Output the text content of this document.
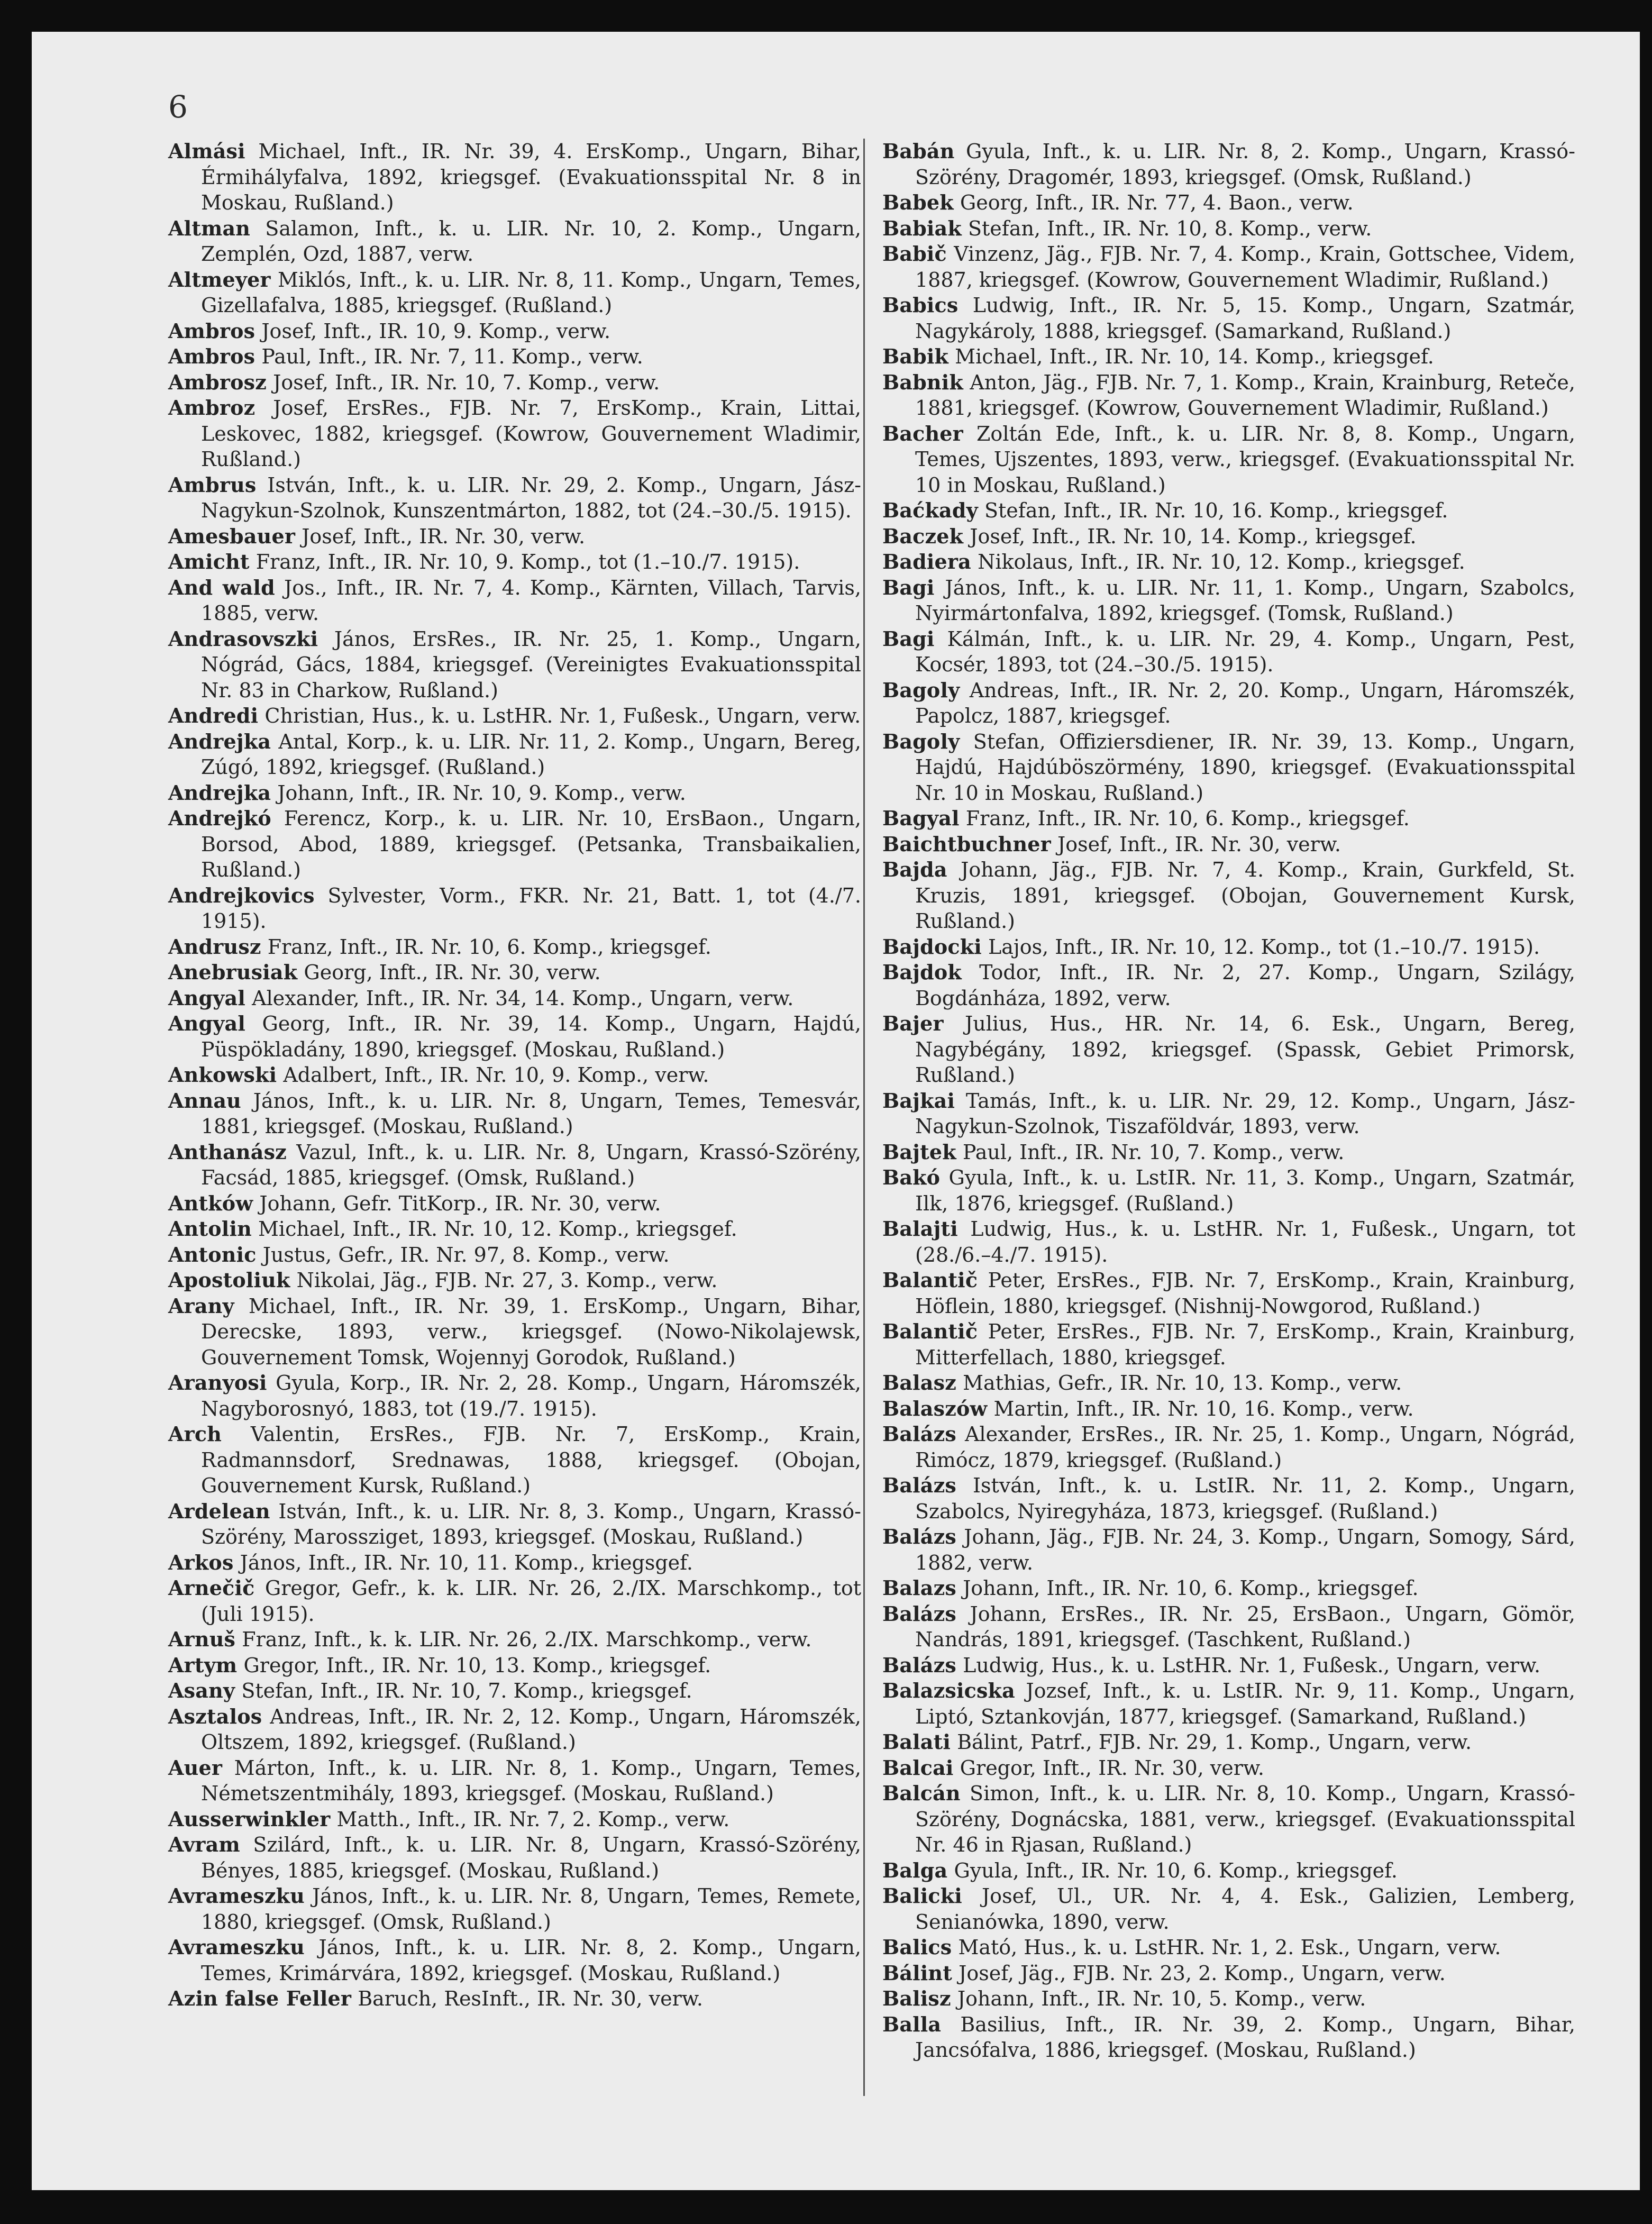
6

Almási Michael, Inft., IR. Nr. 39, 4. ErsKomp., Ungarn, Bihar, Érmihályfalva, 1892, kriegsgef. (Evakuationsspital Nr. 8 in Moskau, Rußland.)

Altman Salamon, Inft., k. u. LIR. Nr. 10, 2. Komp., Ungarn, Zemplén, Ozd, 1887, verw.

Altmeyer Miklós, Inft., k. u. LIR. Nr. 8, 11. Komp., Ungarn, Temes, Gizellafalva, 1885, kriegsgef. (Rußland.)

Ambros Josef, Inft., IR. 10, 9. Komp., verw.

Ambros Paul, Inft., IR. Nr. 7, 11. Komp., verw.

Ambrosz Josef, Inft., IR. Nr. 10, 7. Komp., verw.

Ambroz Josef, ErsRes., FJB. Nr. 7, ErsKomp., Krain, Littai, Leskovec, 1882, kriegsgef. (Kowrow, Gouvernement Wladimir, Rußland.)

Ambrus István, Inft., k. u. LIR. Nr. 29, 2. Komp., Ungarn, Jász-Nagykun-Szolnok, Kunszentmárton, 1882, tot (24.–30./5. 1915).

Amesbauer Josef, Inft., IR. Nr. 30, verw.

Amicht Franz, Inft., IR. Nr. 10, 9. Komp., tot (1.–10./7. 1915).

And wald Jos., Inft., IR. Nr. 7, 4. Komp., Kärnten, Villach, Tarvis, 1885, verw.

Andrasovszki János, ErsRes., IR. Nr. 25, 1. Komp., Ungarn, Nógrád, Gács, 1884, kriegsgef. (Vereinigtes Evakuationsspital Nr. 83 in Charkow, Rußland.)

Andredi Christian, Hus., k. u. LstHR. Nr. 1, Fußesk., Ungarn, verw.

Andrejka Antal, Korp., k. u. LIR. Nr. 11, 2. Komp., Ungarn, Bereg, Zúgó, 1892, kriegsgef. (Rußland.)

Andrejka Johann, Inft., IR. Nr. 10, 9. Komp., verw.

Andrejkó Ferencz, Korp., k. u. LIR. Nr. 10, ErsBaon., Ungarn, Borsod, Abod, 1889, kriegsgef. (Petsanka, Transbaikalien, Rußland.)

Andrejkovics Sylvester, Vorm., FKR. Nr. 21, Batt. 1, tot (4./7. 1915).

Andrusz Franz, Inft., IR. Nr. 10, 6. Komp., kriegsgef.

Anebrusiak Georg, Inft., IR. Nr. 30, verw.

Angyal Alexander, Inft., IR. Nr. 34, 14. Komp., Ungarn, verw.

Angyal Georg, Inft., IR. Nr. 39, 14. Komp., Ungarn, Hajdú, Püspökladány, 1890, kriegsgef. (Moskau, Rußland.)

Ankowski Adalbert, Inft., IR. Nr. 10, 9. Komp., verw.

Annau János, Inft., k. u. LIR. Nr. 8, Ungarn, Temes, Temesvár, 1881, kriegsgef. (Moskau, Rußland.)

Anthanász Vazul, Inft., k. u. LIR. Nr. 8, Ungarn, Krassó-Szörény, Facsád, 1885, kriegsgef. (Omsk, Rußland.)

Antków Johann, Gefr. TitKorp., IR. Nr. 30, verw.

Antolin Michael, Inft., IR. Nr. 10, 12. Komp., kriegsgef.

Antonic Justus, Gefr., IR. Nr. 97, 8. Komp., verw.

Apostoliuk Nikolai, Jäg., FJB. Nr. 27, 3. Komp., verw.

Arany Michael, Inft., IR. Nr. 39, 1. ErsKomp., Ungarn, Bihar, Derecske, 1893, verw., kriegsgef. (Nowo-Nikolajewsk, Gouvernement Tomsk, Wojennyj Gorodok, Rußland.)

Aranyosi Gyula, Korp., IR. Nr. 2, 28. Komp., Ungarn, Háromszék, Nagyborosnyó, 1883, tot (19./7. 1915).

Arch Valentin, ErsRes., FJB. Nr. 7, ErsKomp., Krain, Radmannsdorf, Srednawas, 1888, kriegsgef. (Obojan, Gouvernement Kursk, Rußland.)

Ardelean István, Inft., k. u. LIR. Nr. 8, 3. Komp., Ungarn, Krassó-Szörény, Marossziget, 1893, kriegsgef. (Moskau, Rußland.)

Arkos János, Inft., IR. Nr. 10, 11. Komp., kriegsgef.

Arnečič Gregor, Gefr., k. k. LIR. Nr. 26, 2./IX. Marschkomp., tot (Juli 1915).

Arnuš Franz, Inft., k. k. LIR. Nr. 26, 2./IX. Marschkomp., verw.

Artym Gregor, Inft., IR. Nr. 10, 13. Komp., kriegsgef.

Asany Stefan, Inft., IR. Nr. 10, 7. Komp., kriegsgef.

Asztalos Andreas, Inft., IR. Nr. 2, 12. Komp., Ungarn, Háromszék, Oltszem, 1892, kriegsgef. (Rußland.)

Auer Márton, Inft., k. u. LIR. Nr. 8, 1. Komp., Ungarn, Temes, Németszentmihály, 1893, kriegsgef. (Moskau, Rußland.)

Ausserwinkler Matth., Inft., IR. Nr. 7, 2. Komp., verw.

Avram Szilárd, Inft., k. u. LIR. Nr. 8, Ungarn, Krassó-Szörény, Bényes, 1885, kriegsgef. (Moskau, Rußland.)

Avrameszku János, Inft., k. u. LIR. Nr. 8, Ungarn, Temes, Remete, 1880, kriegsgef. (Omsk, Rußland.)

Avrameszku János, Inft., k. u. LIR. Nr. 8, 2. Komp., Ungarn, Temes, Krimárvára, 1892, kriegsgef. (Moskau, Rußland.)

Azin false Feller Baruch, ResInft., IR. Nr. 30, verw.

Babán Gyula, Inft., k. u. LIR. Nr. 8, 2. Komp., Ungarn, Krassó-Szörény, Dragomér, 1893, kriegsgef. (Omsk, Rußland.)

Babek Georg, Inft., IR. Nr. 77, 4. Baon., verw.

Babiak Stefan, Inft., IR. Nr. 10, 8. Komp., verw.

Babič Vinzenz, Jäg., FJB. Nr. 7, 4. Komp., Krain, Gottschee, Videm, 1887, kriegsgef. (Kowrow, Gouvernement Wladimir, Rußland.)

Babics Ludwig, Inft., IR. Nr. 5, 15. Komp., Ungarn, Szatmár, Nagykároly, 1888, kriegsgef. (Samarkand, Rußland.)

Babik Michael, Inft., IR. Nr. 10, 14. Komp., kriegsgef.

Babnik Anton, Jäg., FJB. Nr. 7, 1. Komp., Krain, Krainburg, Reteče, 1881, kriegsgef. (Kowrow, Gouvernement Wladimir, Rußland.)

Bacher Zoltán Ede, Inft., k. u. LIR. Nr. 8, 8. Komp., Ungarn, Temes, Ujszentes, 1893, verw., kriegsgef. (Evakuationsspital Nr. 10 in Moskau, Rußland.)

Baćkady Stefan, Inft., IR. Nr. 10, 16. Komp., kriegsgef.

Baczek Josef, Inft., IR. Nr. 10, 14. Komp., kriegsgef.

Badiera Nikolaus, Inft., IR. Nr. 10, 12. Komp., kriegsgef.

Bagi János, Inft., k. u. LIR. Nr. 11, 1. Komp., Ungarn, Szabolcs, Nyirmártonfalva, 1892, kriegsgef. (Tomsk, Rußland.)

Bagi Kálmán, Inft., k. u. LIR. Nr. 29, 4. Komp., Ungarn, Pest, Kocsér, 1893, tot (24.–30./5. 1915).

Bagoly Andreas, Inft., IR. Nr. 2, 20. Komp., Ungarn, Háromszék, Papolcz, 1887, kriegsgef.

Bagoly Stefan, Offiziersdiener, IR. Nr. 39, 13. Komp., Ungarn, Hajdú, Hajdúböszörmény, 1890, kriegsgef. (Evakuationsspital Nr. 10 in Moskau, Rußland.)

Bagyal Franz, Inft., IR. Nr. 10, 6. Komp., kriegsgef.

Baichtbuchner Josef, Inft., IR. Nr. 30, verw.

Bajda Johann, Jäg., FJB. Nr. 7, 4. Komp., Krain, Gurkfeld, St. Kruzis, 1891, kriegsgef. (Obojan, Gouvernement Kursk, Rußland.)

Bajdocki Lajos, Inft., IR. Nr. 10, 12. Komp., tot (1.–10./7. 1915).

Bajdok Todor, Inft., IR. Nr. 2, 27. Komp., Ungarn, Szilágy, Bogdánháza, 1892, verw.

Bajer Julius, Hus., HR. Nr. 14, 6. Esk., Ungarn, Bereg, Nagybégány, 1892, kriegsgef. (Spassk, Gebiet Primorsk, Rußland.)

Bajkai Tamás, Inft., k. u. LIR. Nr. 29, 12. Komp., Ungarn, Jász-Nagykun-Szolnok, Tiszaföldvár, 1893, verw.

Bajtek Paul, Inft., IR. Nr. 10, 7. Komp., verw.

Bakó Gyula, Inft., k. u. LstIR. Nr. 11, 3. Komp., Ungarn, Szatmár, Ilk, 1876, kriegsgef. (Rußland.)

Balajti Ludwig, Hus., k. u. LstHR. Nr. 1, Fußesk., Ungarn, tot (28./6.–4./7. 1915).

Balantič Peter, ErsRes., FJB. Nr. 7, ErsKomp., Krain, Krainburg, Höflein, 1880, kriegsgef. (Nishnij-Nowgorod, Rußland.)

Balantič Peter, ErsRes., FJB. Nr. 7, ErsKomp., Krain, Krainburg, Mitterfellach, 1880, kriegsgef.

Balasz Mathias, Gefr., IR. Nr. 10, 13. Komp., verw.

Balaszów Martin, Inft., IR. Nr. 10, 16. Komp., verw.

Balázs Alexander, ErsRes., IR. Nr. 25, 1. Komp., Ungarn, Nógrád, Rimócz, 1879, kriegsgef. (Rußland.)

Balázs István, Inft., k. u. LstIR. Nr. 11, 2. Komp., Ungarn, Szabolcs, Nyiregyháza, 1873, kriegsgef. (Rußland.)

Balázs Johann, Jäg., FJB. Nr. 24, 3. Komp., Ungarn, Somogy, Sárd, 1882, verw.

Balazs Johann, Inft., IR. Nr. 10, 6. Komp., kriegsgef.

Balázs Johann, ErsRes., IR. Nr. 25, ErsBaon., Ungarn, Gömör, Nandrás, 1891, kriegsgef. (Taschkent, Rußland.)

Balázs Ludwig, Hus., k. u. LstHR. Nr. 1, Fußesk., Ungarn, verw.

Balazsicska Jozsef, Inft., k. u. LstIR. Nr. 9, 11. Komp., Ungarn, Liptó, Sztankovján, 1877, kriegsgef. (Samarkand, Rußland.)

Balati Bálint, Patrf., FJB. Nr. 29, 1. Komp., Ungarn, verw.

Balcai Gregor, Inft., IR. Nr. 30, verw.

Balcán Simon, Inft., k. u. LIR. Nr. 8, 10. Komp., Ungarn, Krassó-Szörény, Dognácska, 1881, verw., kriegsgef. (Evakuationsspital Nr. 46 in Rjasan, Rußland.)

Balga Gyula, Inft., IR. Nr. 10, 6. Komp., kriegsgef.

Balicki Josef, Ul., UR. Nr. 4, 4. Esk., Galizien, Lemberg, Senianówka, 1890, verw.

Balics Mató, Hus., k. u. LstHR. Nr. 1, 2. Esk., Ungarn, verw.

Bálint Josef, Jäg., FJB. Nr. 23, 2. Komp., Ungarn, verw.

Balisz Johann, Inft., IR. Nr. 10, 5. Komp., verw.

Balla Basilius, Inft., IR. Nr. 39, 2. Komp., Ungarn, Bihar, Jancsófalva, 1886, kriegsgef. (Moskau, Rußland.)
